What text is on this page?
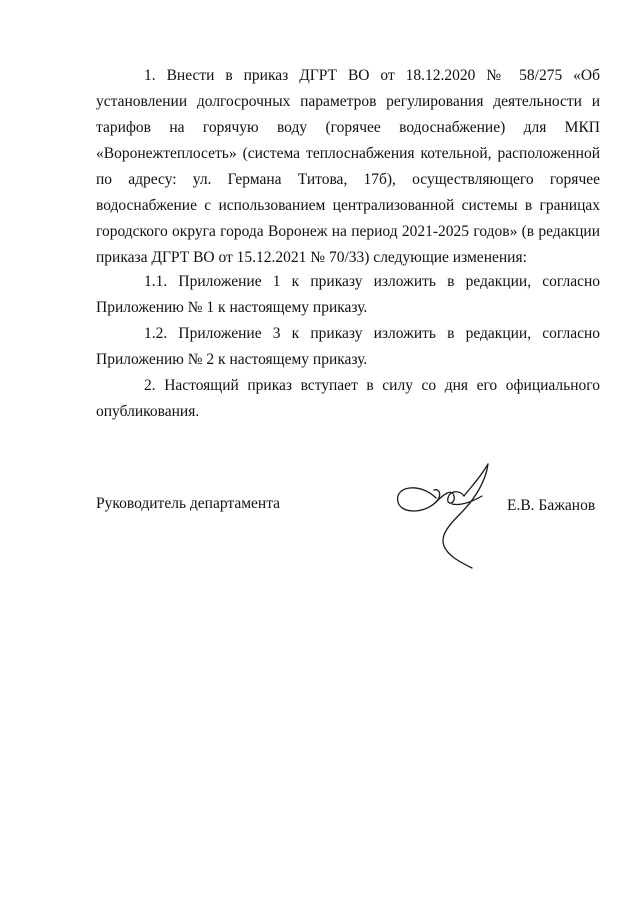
1. Внести в приказ ДГРТ ВО от 18.12.2020 № 58/275 «Об установлении долгосрочных параметров регулирования деятельности и тарифов на горячую воду (горячее водоснабжение) для МКП «Воронежтеплосеть» (система теплоснабжения котельной, расположенной по адресу: ул. Германа Титова, 17б), осуществляющего горячее водоснабжение с использованием централизованной системы в границах городского округа города Воронеж на период 2021-2025 годов» (в редакции приказа ДГРТ ВО от 15.12.2021 № 70/33) следующие изменения:

1.1. Приложение 1 к приказу изложить в редакции, согласно Приложению № 1 к настоящему приказу.

1.2. Приложение 3 к приказу изложить в редакции, согласно Приложению № 2 к настоящему приказу.

2. Настоящий приказ вступает в силу со дня его официального опубликования.

Руководитель департамента	Е.В. Бажанов
